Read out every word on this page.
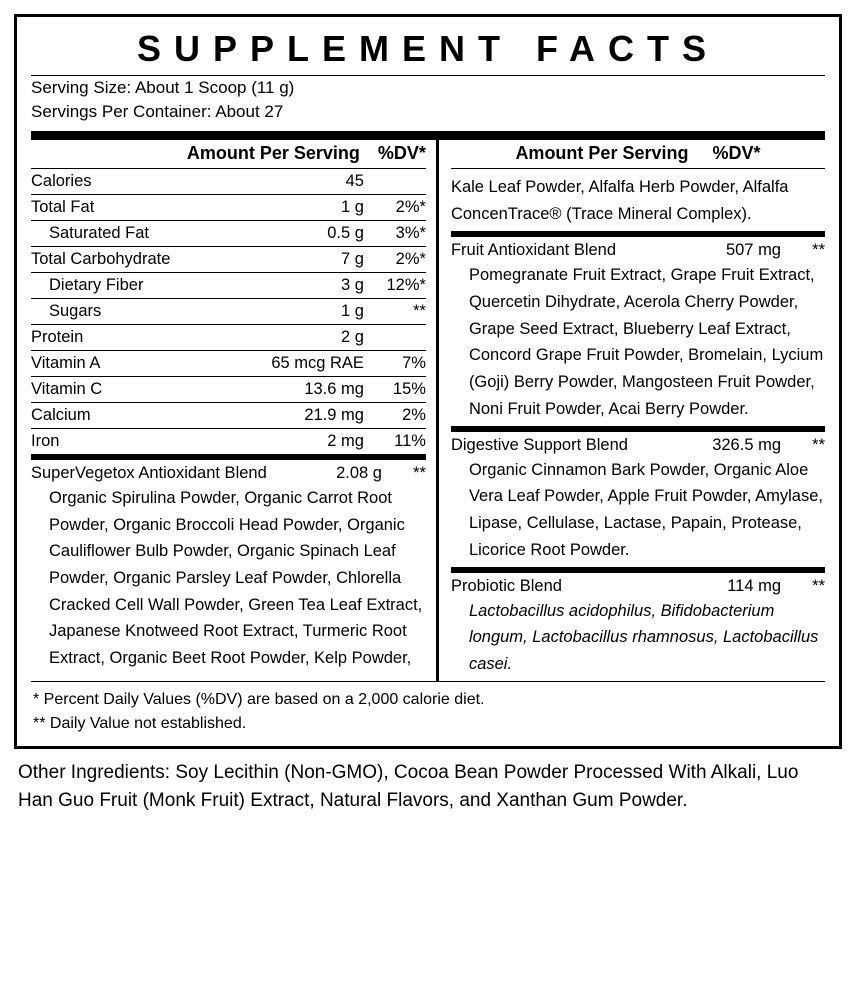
SUPPLEMENT FACTS
Serving Size: About 1 Scoop (11 g)
Servings Per Container: About 27
Amount Per Serving %DV*
Calories	45	
Total Fat	1 g	2%*
Saturated Fat	0.5 g	3%*
Total Carbohydrate	7 g	2%*
Dietary Fiber	3 g	12%*
Sugars	1 g	**
Protein	2 g	
Vitamin A	65 mcg RAE	7%
Vitamin C	13.6 mg	15%
Calcium	21.9 mg	2%
Iron	2 mg	11%
SuperVegetox Antioxidant Blend	2.08 g	**
Organic Spirulina Powder, Organic Carrot Root Powder, Organic Broccoli Head Powder, Organic Cauliflower Bulb Powder, Organic Spinach Leaf Powder, Organic Parsley Leaf Powder, Chlorella Cracked Cell Wall Powder, Green Tea Leaf Extract, Japanese Knotweed Root Extract, Turmeric Root Extract, Organic Beet Root Powder, Kelp Powder,
Amount Per Serving %DV*
Kale Leaf Powder, Alfalfa Herb Powder, Alfalfa ConcenTrace® (Trace Mineral Complex).
Fruit Antioxidant Blend	507 mg	**
Pomegranate Fruit Extract, Grape Fruit Extract, Quercetin Dihydrate, Acerola Cherry Powder, Grape Seed Extract, Blueberry Leaf Extract, Concord Grape Fruit Powder, Bromelain, Lycium (Goji) Berry Powder, Mangosteen Fruit Powder, Noni Fruit Powder, Acai Berry Powder.
Digestive Support Blend	326.5 mg	**
Organic Cinnamon Bark Powder, Organic Aloe Vera Leaf Powder, Apple Fruit Powder, Amylase, Lipase, Cellulase, Lactase, Papain, Protease, Licorice Root Powder.
Probiotic Blend	114 mg	**
Lactobacillus acidophilus, Bifidobacterium longum, Lactobacillus rhamnosus, Lactobacillus casei.
* Percent Daily Values (%DV) are based on a 2,000 calorie diet.
** Daily Value not established.
Other Ingredients: Soy Lecithin (Non-GMO), Cocoa Bean Powder Processed With Alkali, Luo Han Guo Fruit (Monk Fruit) Extract, Natural Flavors, and Xanthan Gum Powder.
